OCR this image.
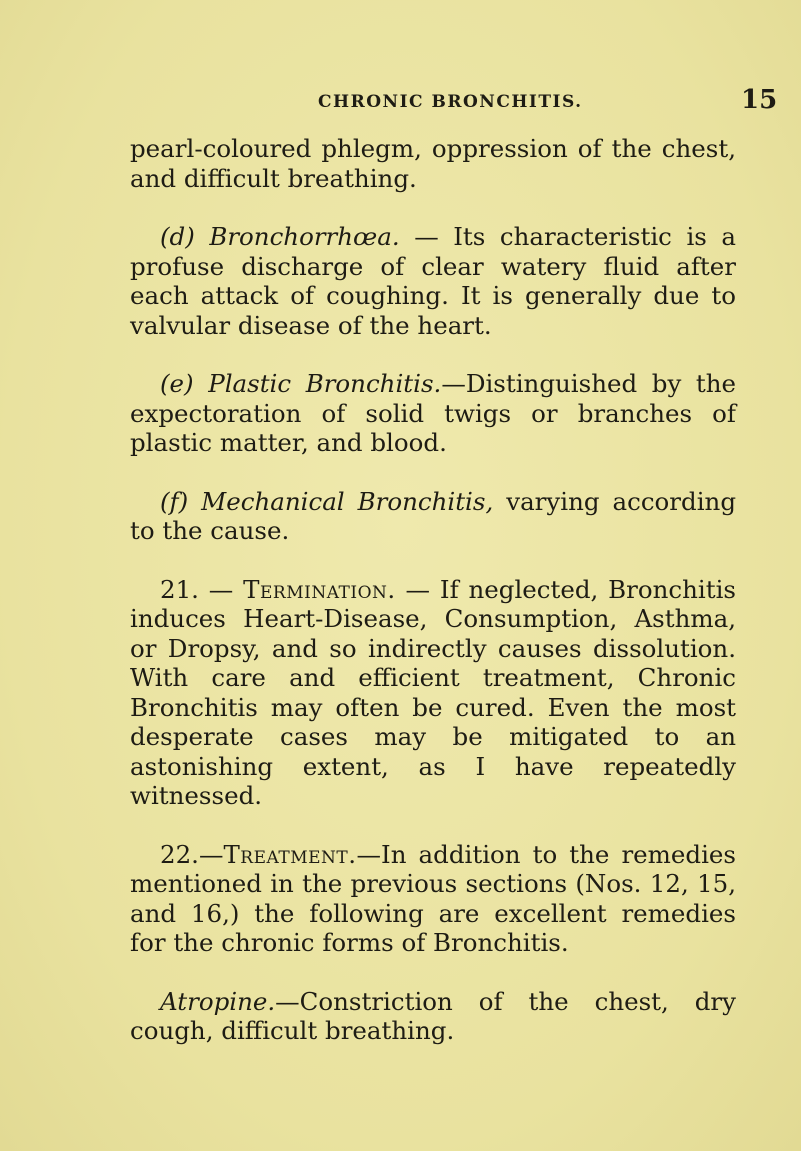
CHRONIC BRONCHITIS.	15

pearl-coloured phlegm, oppression of the chest, and difficult breathing.

(d) Bronchorrhœa. — Its characteristic is a profuse discharge of clear watery fluid after each attack of coughing. It is generally due to valvular disease of the heart.

(e) Plastic Bronchitis.—Distinguished by the expectoration of solid twigs or branches of plastic matter, and blood.

(f) Mechanical Bronchitis, varying according to the cause.

21. — Termination. — If neglected, Bronchitis induces Heart-Disease, Consumption, Asthma, or Dropsy, and so indirectly causes dissolution. With care and efficient treatment, Chronic Bronchitis may often be cured. Even the most desperate cases may be mitigated to an astonishing extent, as I have repeatedly witnessed.

22.—Treatment.—In addition to the remedies mentioned in the previous sections (Nos. 12, 15, and 16,) the following are excellent remedies for the chronic forms of Bronchitis.

Atropine.—Constriction of the chest, dry cough, difficult breathing.
